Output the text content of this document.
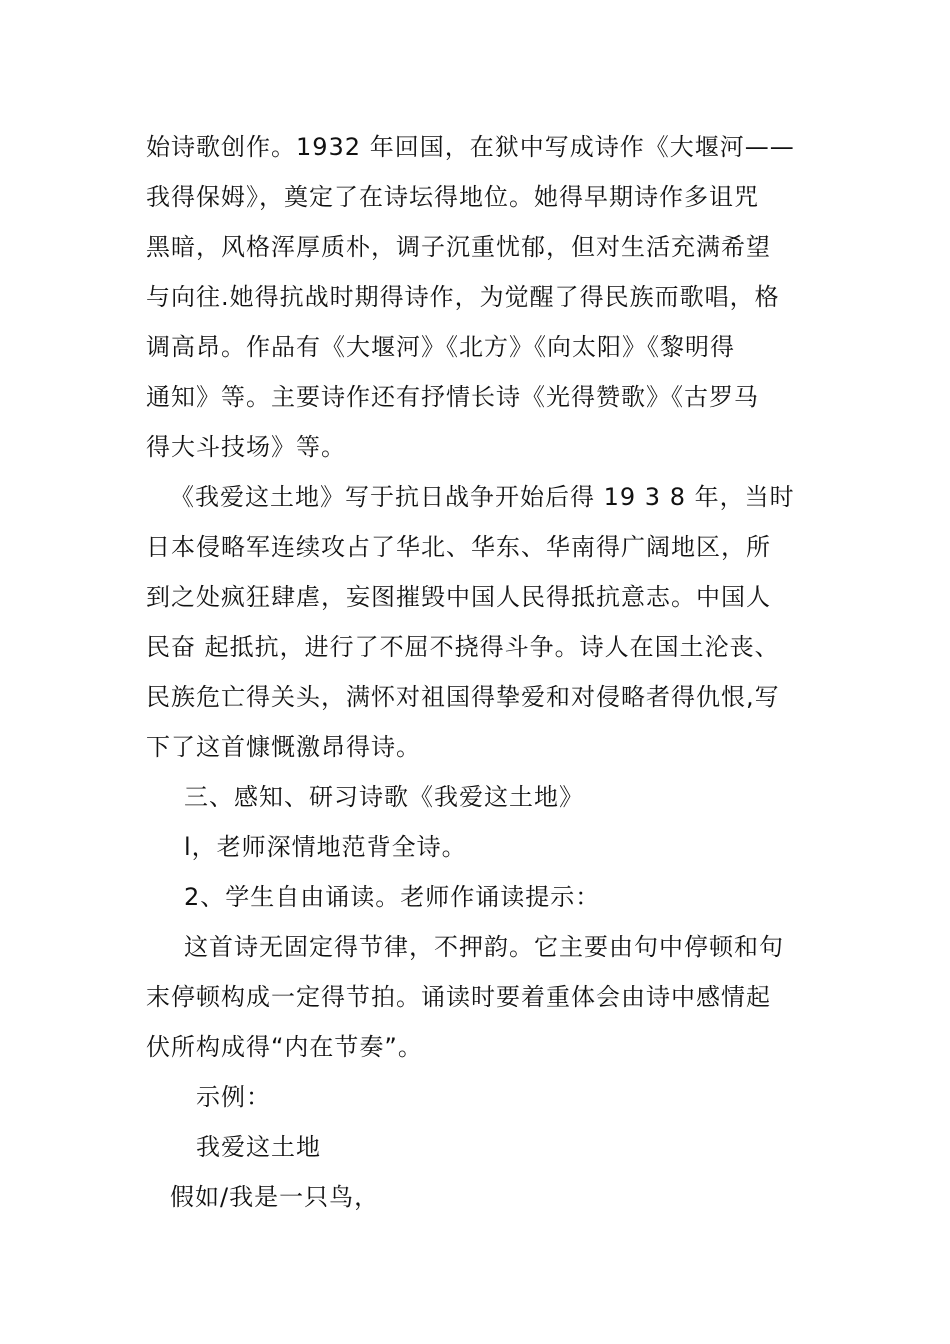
始诗歌创作。1932 年回国，在狱中写成诗作《大堰河——
我得保姆》，奠定了在诗坛得地位。她得早期诗作多诅咒
黑暗，风格浑厚质朴，调子沉重忧郁，但对生活充满希望
与向往.她得抗战时期得诗作，为觉醒了得民族而歌唱，格
调高昂。作品有《大堰河》《北方》《向太阳》《黎明得
通知》等。主要诗作还有抒情长诗《光得赞歌》《古罗马
得大斗技场》等。
《我爱这土地》写于抗日战争开始后得 19 3 8 年，当时
日本侵略军连续攻占了华北、华东、华南得广阔地区，所
到之处疯狂肆虐，妄图摧毁中国人民得抵抗意志。中国人
民奋 起抵抗，进行了不屈不挠得斗争。诗人在国土沦丧、
民族危亡得关头，满怀对祖国得挚爱和对侵略者得仇恨,写
下了这首慷慨激昂得诗。
三、感知、研习诗歌《我爱这土地》
l，老师深情地范背全诗。
2、学生自由诵读。老师作诵读提示：
这首诗无固定得节律，不押韵。它主要由句中停顿和句
末停顿构成一定得节拍。诵读时要着重体会由诗中感情起
伏所构成得“内在节奏”。
示例：
我爱这土地
假如/我是一只鸟，
